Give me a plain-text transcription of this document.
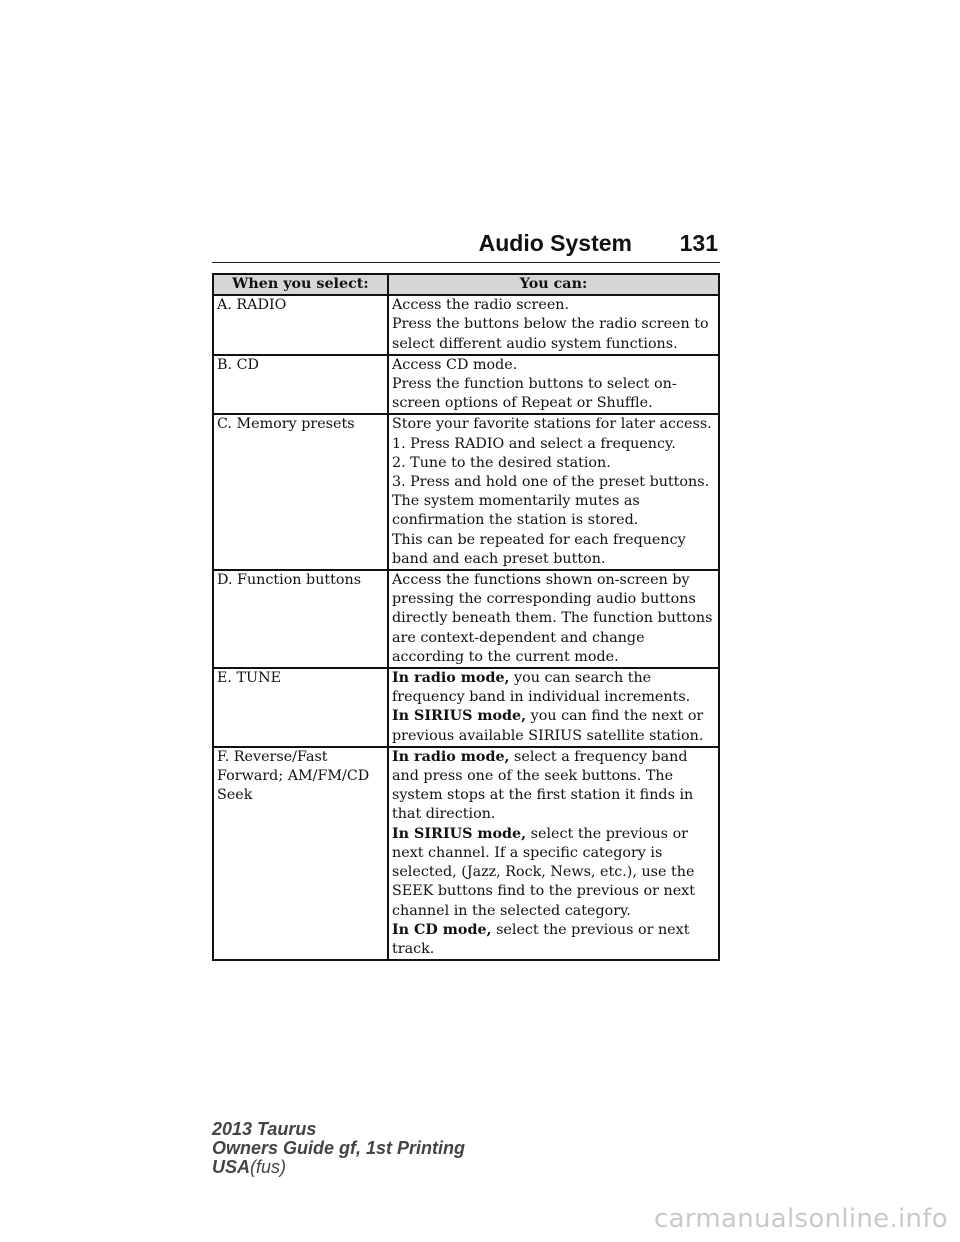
Audio System 131
When you select:	You can:
A. RADIO	Access the radio screen.
Press the buttons below the radio screen to select different audio system functions.

B. CD	Access CD mode.
Press the function buttons to select on-screen options of Repeat or Shuffle.

C. Memory presets	Store your favorite stations for later access.
1. Press RADIO and select a frequency.
2. Tune to the desired station.
3. Press and hold one of the preset buttons. The system momentarily mutes as confirmation the station is stored.
This can be repeated for each frequency band and each preset button.

D. Function buttons	Access the functions shown on-screen by pressing the corresponding audio buttons directly beneath them. The function buttons are context-dependent and change according to the current mode.

E. TUNE	In radio mode, you can search the frequency band in individual increments.
In SIRIUS mode, you can find the next or previous available SIRIUS satellite station.

F. Reverse/Fast Forward; AM/FM/CD Seek	In radio mode, select a frequency band and press one of the seek buttons. The system stops at the first station it finds in that direction.
In SIRIUS mode, select the previous or next channel. If a specific category is selected, (Jazz, Rock, News, etc.), use the SEEK buttons find to the previous or next channel in the selected category.
In CD mode, select the previous or next track.
2013 Taurus
Owners Guide gf, 1st Printing
USA(fus)
carmanualsonline.info
